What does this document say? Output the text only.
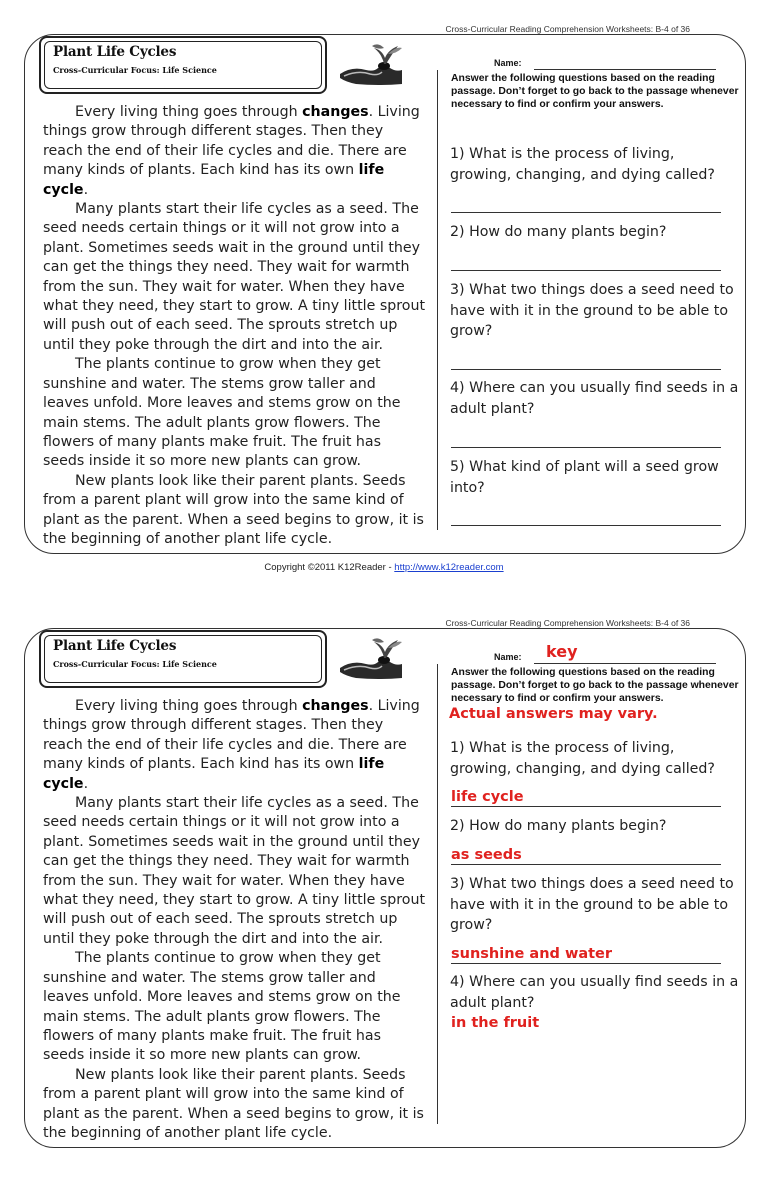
Cross-Curricular Reading Comprehension Worksheets: B-4 of 36
Plant Life Cycles
Cross-Curricular Focus: Life Science

Every living thing goes through changes. Living things grow through different stages. Then they reach the end of their life cycles and die. There are many kinds of plants. Each kind has its own life cycle.

Many plants start their life cycles as a seed. The seed needs certain things or it will not grow into a plant. Sometimes seeds wait in the ground until they can get the things they need. They wait for warmth from the sun. They wait for water. When they have what they need, they start to grow. A tiny little sprout will push out of each seed. The sprouts stretch up until they poke through the dirt and into the air.

The plants continue to grow when they get sunshine and water. The stems grow taller and leaves unfold. More leaves and stems grow on the main stems. The adult plants grow flowers. The flowers of many plants make fruit. The fruit has seeds inside it so more new plants can grow.

New plants look like their parent plants. Seeds from a parent plant will grow into the same kind of plant as the parent. When a seed begins to grow, it is the beginning of another plant life cycle.

Name:
Answer the following questions based on the reading passage. Don’t forget to go back to the passage whenever necessary to find or confirm your answers.
1) What is the process of living, growing, changing, and dying called?
2) How do many plants begin?
3) What two things does a seed need to have with it in the ground to be able to grow?
4) Where can you usually find seeds in a adult plant?
5) What kind of plant will a seed grow into?
Copyright ©2011 K12Reader - http://www.k12reader.com
Cross-Curricular Reading Comprehension Worksheets: B-4 of 36
Plant Life Cycles
Cross-Curricular Focus: Life Science

Every living thing goes through changes. Living things grow through different stages. Then they reach the end of their life cycles and die. There are many kinds of plants. Each kind has its own life cycle.

Many plants start their life cycles as a seed. The seed needs certain things or it will not grow into a plant. Sometimes seeds wait in the ground until they can get the things they need. They wait for warmth from the sun. They wait for water. When they have what they need, they start to grow. A tiny little sprout will push out of each seed. The sprouts stretch up until they poke through the dirt and into the air.

The plants continue to grow when they get sunshine and water. The stems grow taller and leaves unfold. More leaves and stems grow on the main stems. The adult plants grow flowers. The flowers of many plants make fruit. The fruit has seeds inside it so more new plants can grow.

New plants look like their parent plants. Seeds from a parent plant will grow into the same kind of plant as the parent. When a seed begins to grow, it is the beginning of another plant life cycle.

Name: key
Answer the following questions based on the reading passage. Don’t forget to go back to the passage whenever necessary to find or confirm your answers.
Actual answers may vary.
1) What is the process of living, growing, changing, and dying called?
life cycle
2) How do many plants begin?
as seeds
3) What two things does a seed need to have with it in the ground to be able to grow?
sunshine and water
4) Where can you usually find seeds in a adult plant?
in the fruit
